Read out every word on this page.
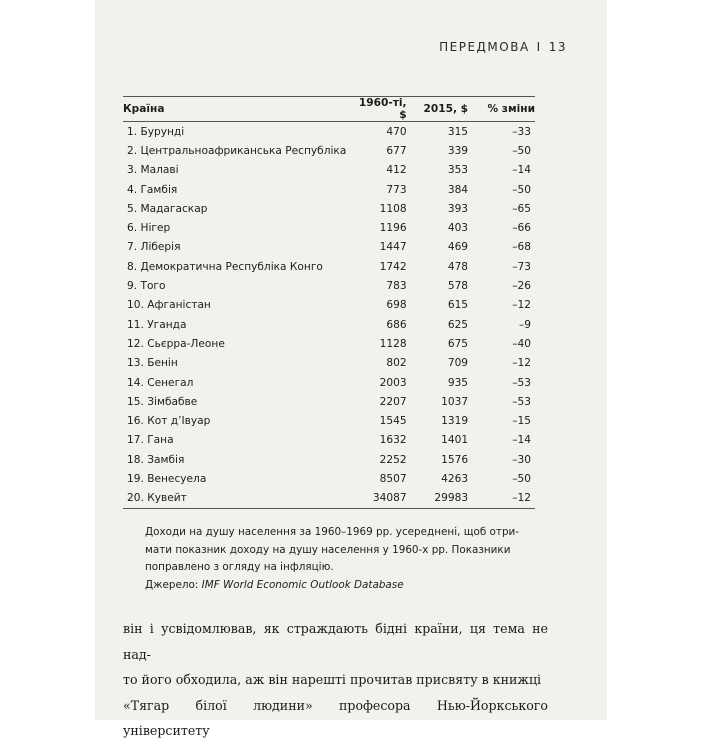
ПЕРЕДМОВА I 13
Країна	1960-ті, $	2015, $	% зміни
1. Бурунді	470	315	–33
2. Центральноафриканська Республіка	677	339	–50
3. Малаві	412	353	–14
4. Гамбія	773	384	–50
5. Мадагаскар	1108	393	–65
6. Нігер	1196	403	–66
7. Ліберія	1447	469	–68
8. Демократична Республіка Конго	1742	478	–73
9. Того	783	578	–26
10. Афганістан	698	615	–12
11. Уганда	686	625	–9
12. Сьєрра-Леоне	1128	675	–40
13. Бенін	802	709	–12
14. Сенегал	2003	935	–53
15. Зімбабве	2207	1037	–53
16. Кот д’Івуар	1545	1319	–15
17. Гана	1632	1401	–14
18. Замбія	2252	1576	–30
19. Венесуела	8507	4263	–50
20. Кувейт	34087	29983	–12

Доходи на душу населення за 1960–1969 рр. усереднені, щоб отри-

мати показник доходу на душу населення у 1960-х рр. Показники

поправлено з огляду на інфляцію.

Джерело: IMF World Economic Outlook Database

він і усвідомлював, як страждають бідні країни, ця тема не над-

то його обходила, аж він нарешті прочитав присвяту в книжці

«Тягар білої людини» професора Нью-Йоркського університету
